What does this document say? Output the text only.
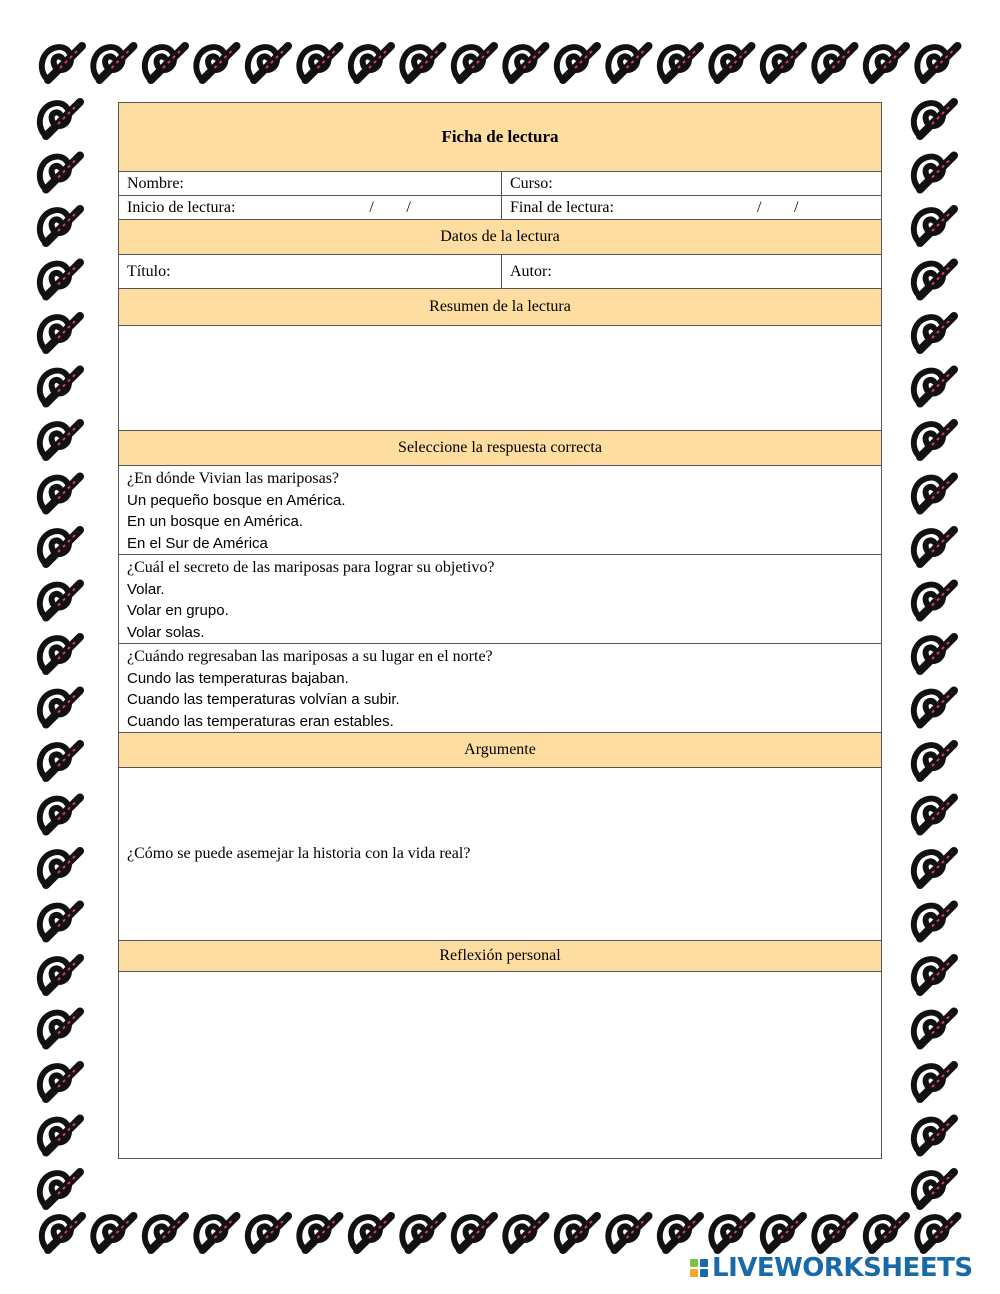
Ficha de lectura	
Nombre:	Curso:
Inicio de lectura: / /	Final de lectura: / /
Datos de la lectura	
Título:	Autor:
Resumen de la lectura	

Seleccione la respuesta correcta	

¿En dónde Vivian las mariposas?
Un pequeño bosque en América.
En un bosque en América.
En el Sur de América	

¿Cuál el secreto de las mariposas para lograr su objetivo?
Volar.
Volar en grupo.
Volar solas.	

¿Cuándo regresaban las mariposas a su lugar en el norte?
Cundo las temperaturas bajaban.
Cuando las temperaturas volvían a subir.
Cuando las temperaturas eran estables.	

Argumente	

¿Cómo se puede asemejar la historia con la vida real?	

Reflexión personal	

LIVEWORKSHEETS
